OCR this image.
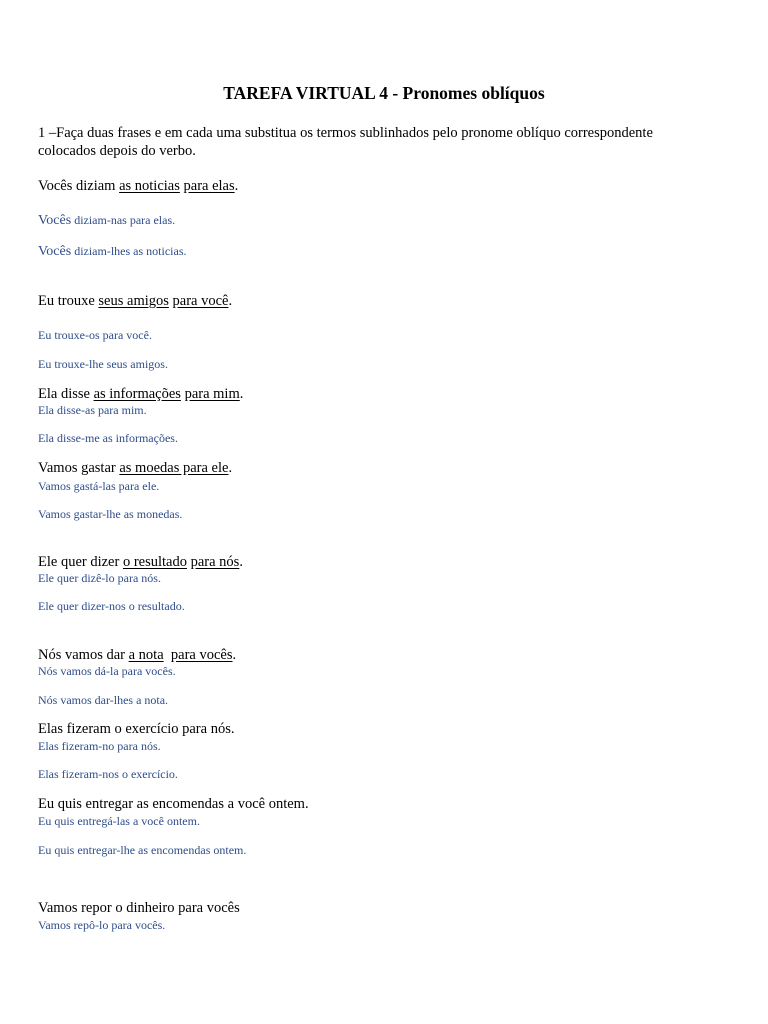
TAREFA VIRTUAL 4 - Pronomes oblíquos

1 –Faça duas frases e em cada uma substitua os termos sublinhados pelo pronome oblíquo correspondente

colocados depois do verbo.

Vocês diziam as noticias para elas.

Vocês diziam-nas para elas.

Vocês diziam-lhes as noticias.

Eu trouxe seus amigos para você.

Eu trouxe-os para você.

Eu trouxe-lhe seus amigos.

Ela disse as informações para mim.

Ela disse-as para mim.

Ela disse-me as informações.

Vamos gastar as moedas para ele.

Vamos gastá-las para ele.

Vamos gastar-lhe as monedas.

Ele quer dizer o resultado para nós.

Ele quer dizê-lo para nós.

Ele quer dizer-nos o resultado.

Nós vamos dar a nota para vocês.

Nós vamos dá-la para vocês.

Nós vamos dar-lhes a nota.

Elas fizeram o exercício para nós.

Elas fizeram-no para nós.

Elas fizeram-nos o exercício.

Eu quis entregar as encomendas a você ontem.

Eu quis entregá-las a você ontem.

Eu quis entregar-lhe as encomendas ontem.

Vamos repor o dinheiro para vocês

Vamos repô-lo para vocês.
